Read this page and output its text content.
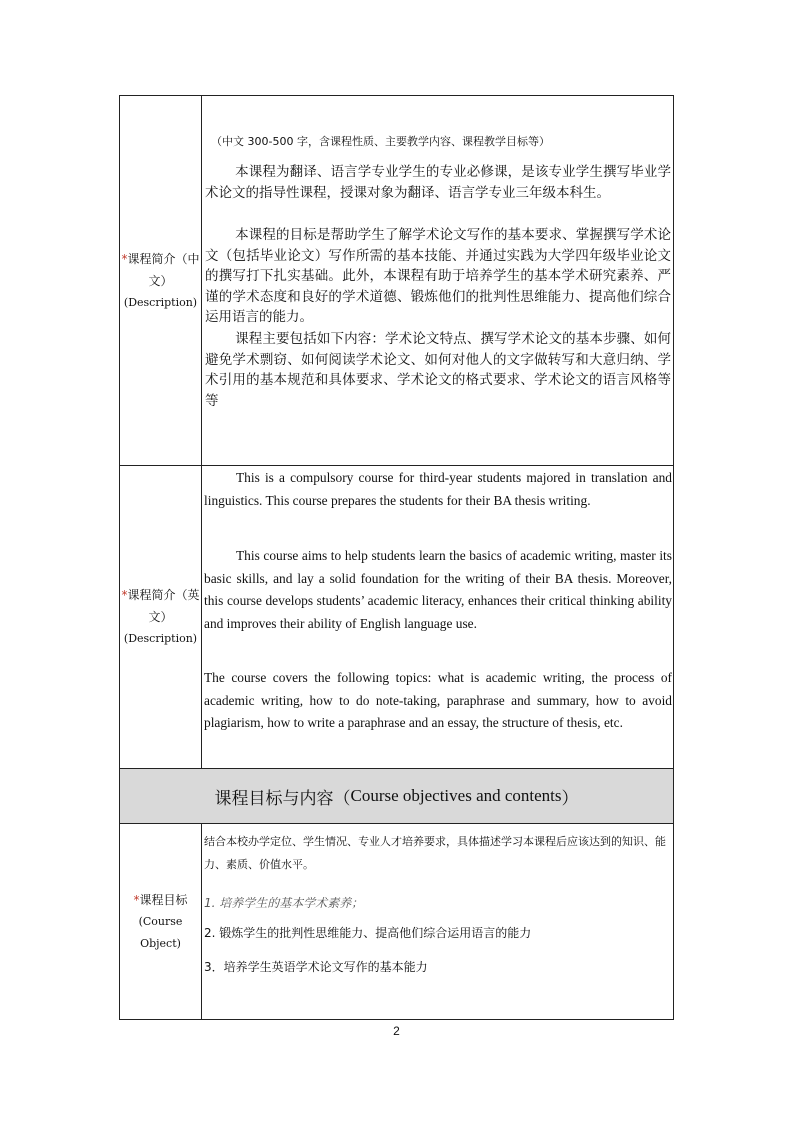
*课程简介（中
文）
(Description)
（中文 300-500 字，含课程性质、主要教学内容、课程教学目标等）
本课程为翻译、语言学专业学生的专业必修课，是该专业学生撰写毕业学术论文的指导性课程，授课对象为翻译、语言学专业三年级本科生。
本课程的目标是帮助学生了解学术论文写作的基本要求、掌握撰写学术论文（包括毕业论文）写作所需的基本技能、并通过实践为大学四年级毕业论文的撰写打下扎实基础。此外，本课程有助于培养学生的基本学术研究素养、严谨的学术态度和良好的学术道德、锻炼他们的批判性思维能力、提高他们综合运用语言的能力。
课程主要包括如下内容：学术论文特点、撰写学术论文的基本步骤、如何避免学术剽窃、如何阅读学术论文、如何对他人的文字做转写和大意归纳、学术引用的基本规范和具体要求、学术论文的格式要求、学术论文的语言风格等等
*课程简介（英
文）
(Description)
This is a compulsory course for third-year students majored in translation and linguistics. This course prepares the students for their BA thesis writing.
This course aims to help students learn the basics of academic writing, master its basic skills, and lay a solid foundation for the writing of their BA thesis. Moreover, this course develops students’ academic literacy, enhances their critical thinking ability and improves their ability of English language use.
The course covers the following topics: what is academic writing, the process of academic writing, how to do note-taking, paraphrase and summary, how to avoid plagiarism, how to write a paraphrase and an essay, the structure of thesis, etc.
课程目标与内容（ Course objectives and contents ）
*课程目标
(Course Object)
结合本校办学定位、学生情况、专业人才培养要求，具体描述学习本课程后应该达到的知识、能力、素质、价值水平。
1. 培养学生的基本学术素养；
2. 锻炼学生的批判性思维能力、提高他们综合运用语言的能力
3．培养学生英语学术论文写作的基本能力
2
